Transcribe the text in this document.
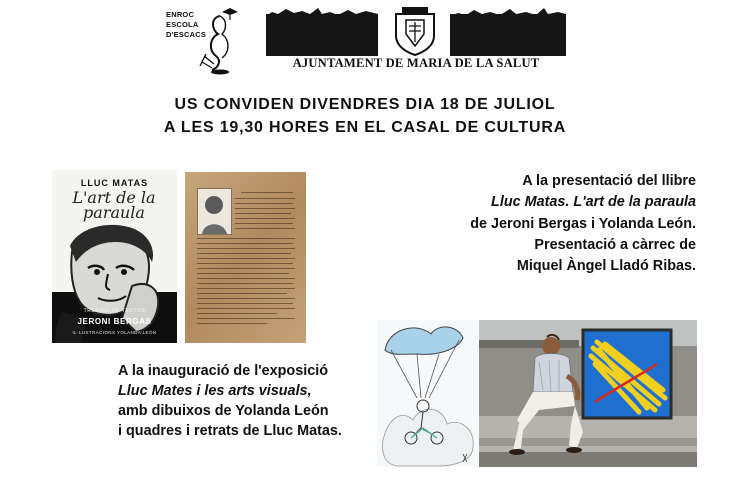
ENROC
ESCOLA
D'ESCACS
AJUNTAMENT DE MARIA DE LA SALUT
US CONVIDEN DIVENDRES DIA 18 DE JULIOL
A LES 19,30 HORES EN EL CASAL DE CULTURA
LLUC MATAS
L'art de la paraula
TREBALL DE TEXTOS
JERONI BERGAS
IL·LUSTRACIONS YOLANDA LEÓN
A la presentació del llibre
Lluc Matas. L'art de la paraula
de Jeroni Bergas i Yolanda León.
Presentació a càrrec de
Miquel Àngel Lladó Ribas.
A la inauguració de l'exposició
Lluc Mates i les arts visuals,
amb dibuixos de Yolanda León
i quadres i retrats de Lluc Matas.
